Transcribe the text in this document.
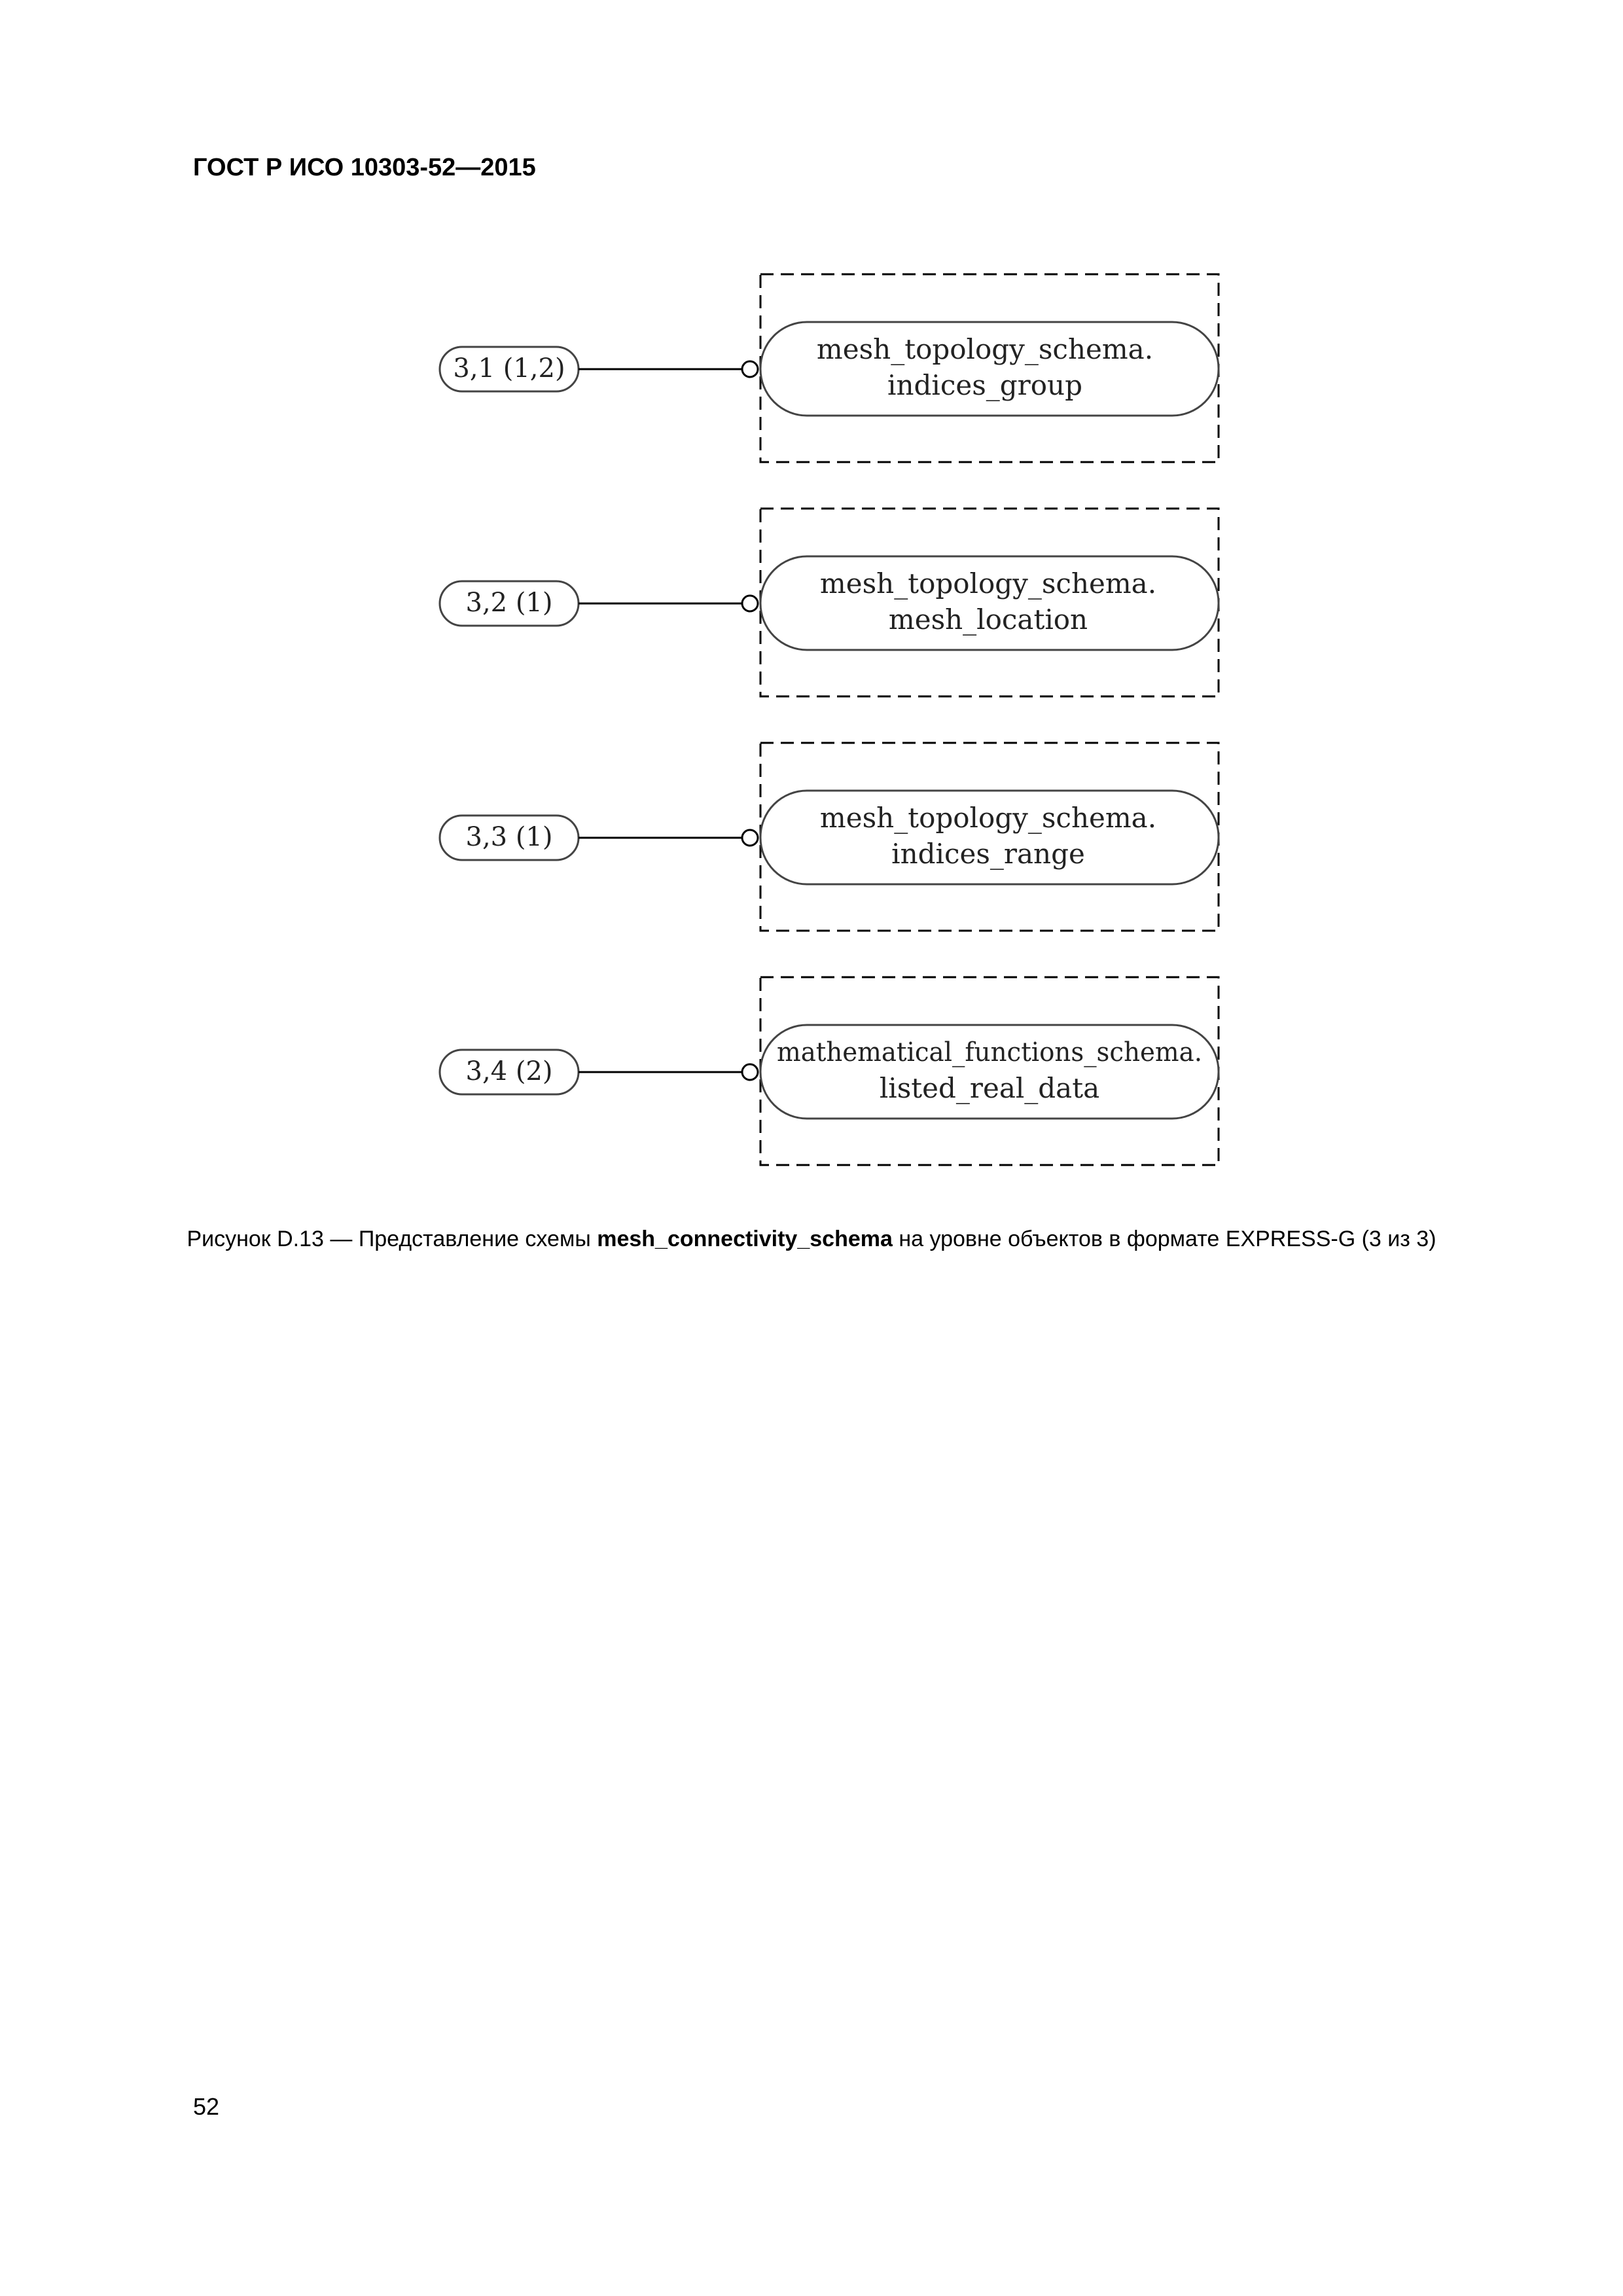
ГОСТ Р ИСО 10303-52—2015
3,1 (1,2)
mesh_topology_schema.
indices_group
3,2 (1)
mesh_topology_schema.
mesh_location
3,3 (1)
mesh_topology_schema.
indices_range
3,4 (2)
mathematical_functions_schema.
listed_real_data
Рисунок D.13 — Представление схемы mesh_connectivity_schema на уровне объектов в формате EXPRESS-G (3 из 3)
52
